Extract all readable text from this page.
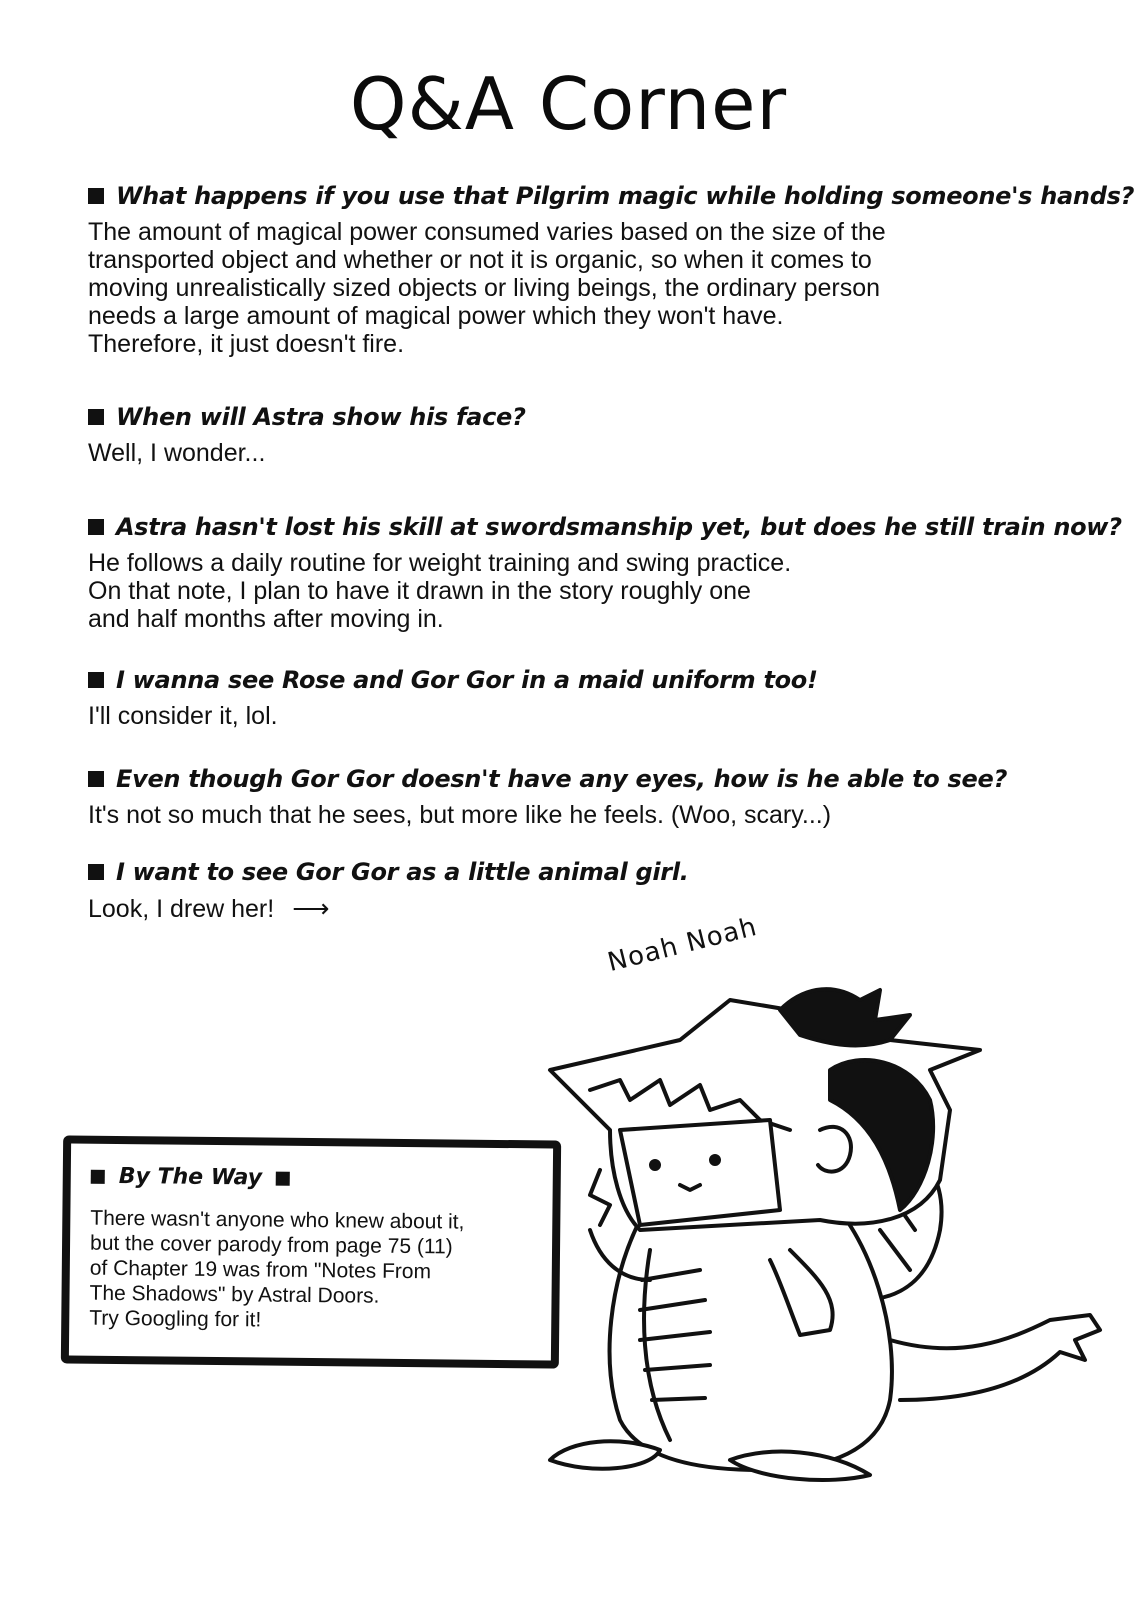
Q&A Corner
What happens if you use that Pilgrim magic while holding someone's hands?
The amount of magical power consumed varies based on the size of the
transported object and whether or not it is organic, so when it comes to
moving unrealistically sized objects or living beings, the ordinary person
needs a large amount of magical power which they won't have.
Therefore, it just doesn't fire.
When will Astra show his face?
Well, I wonder...
Astra hasn't lost his skill at swordsmanship yet, but does he still train now?
He follows a daily routine for weight training and swing practice.
On that note, I plan to have it drawn in the story roughly one
and half months after moving in.
I wanna see Rose and Gor Gor in a maid uniform too!
I'll consider it, lol.
Even though Gor Gor doesn't have any eyes, how is he able to see?
It's not so much that he sees, but more like he feels. (Woo, scary...)
I want to see Gor Gor as a little animal girl.
Look, I drew her! ⟶
By The Way
There wasn't anyone who knew about it,
but the cover parody from page 75 (11)
of Chapter 19 was from "Notes From
The Shadows" by Astral Doors.
Try Googling for it!
Noah Noah
